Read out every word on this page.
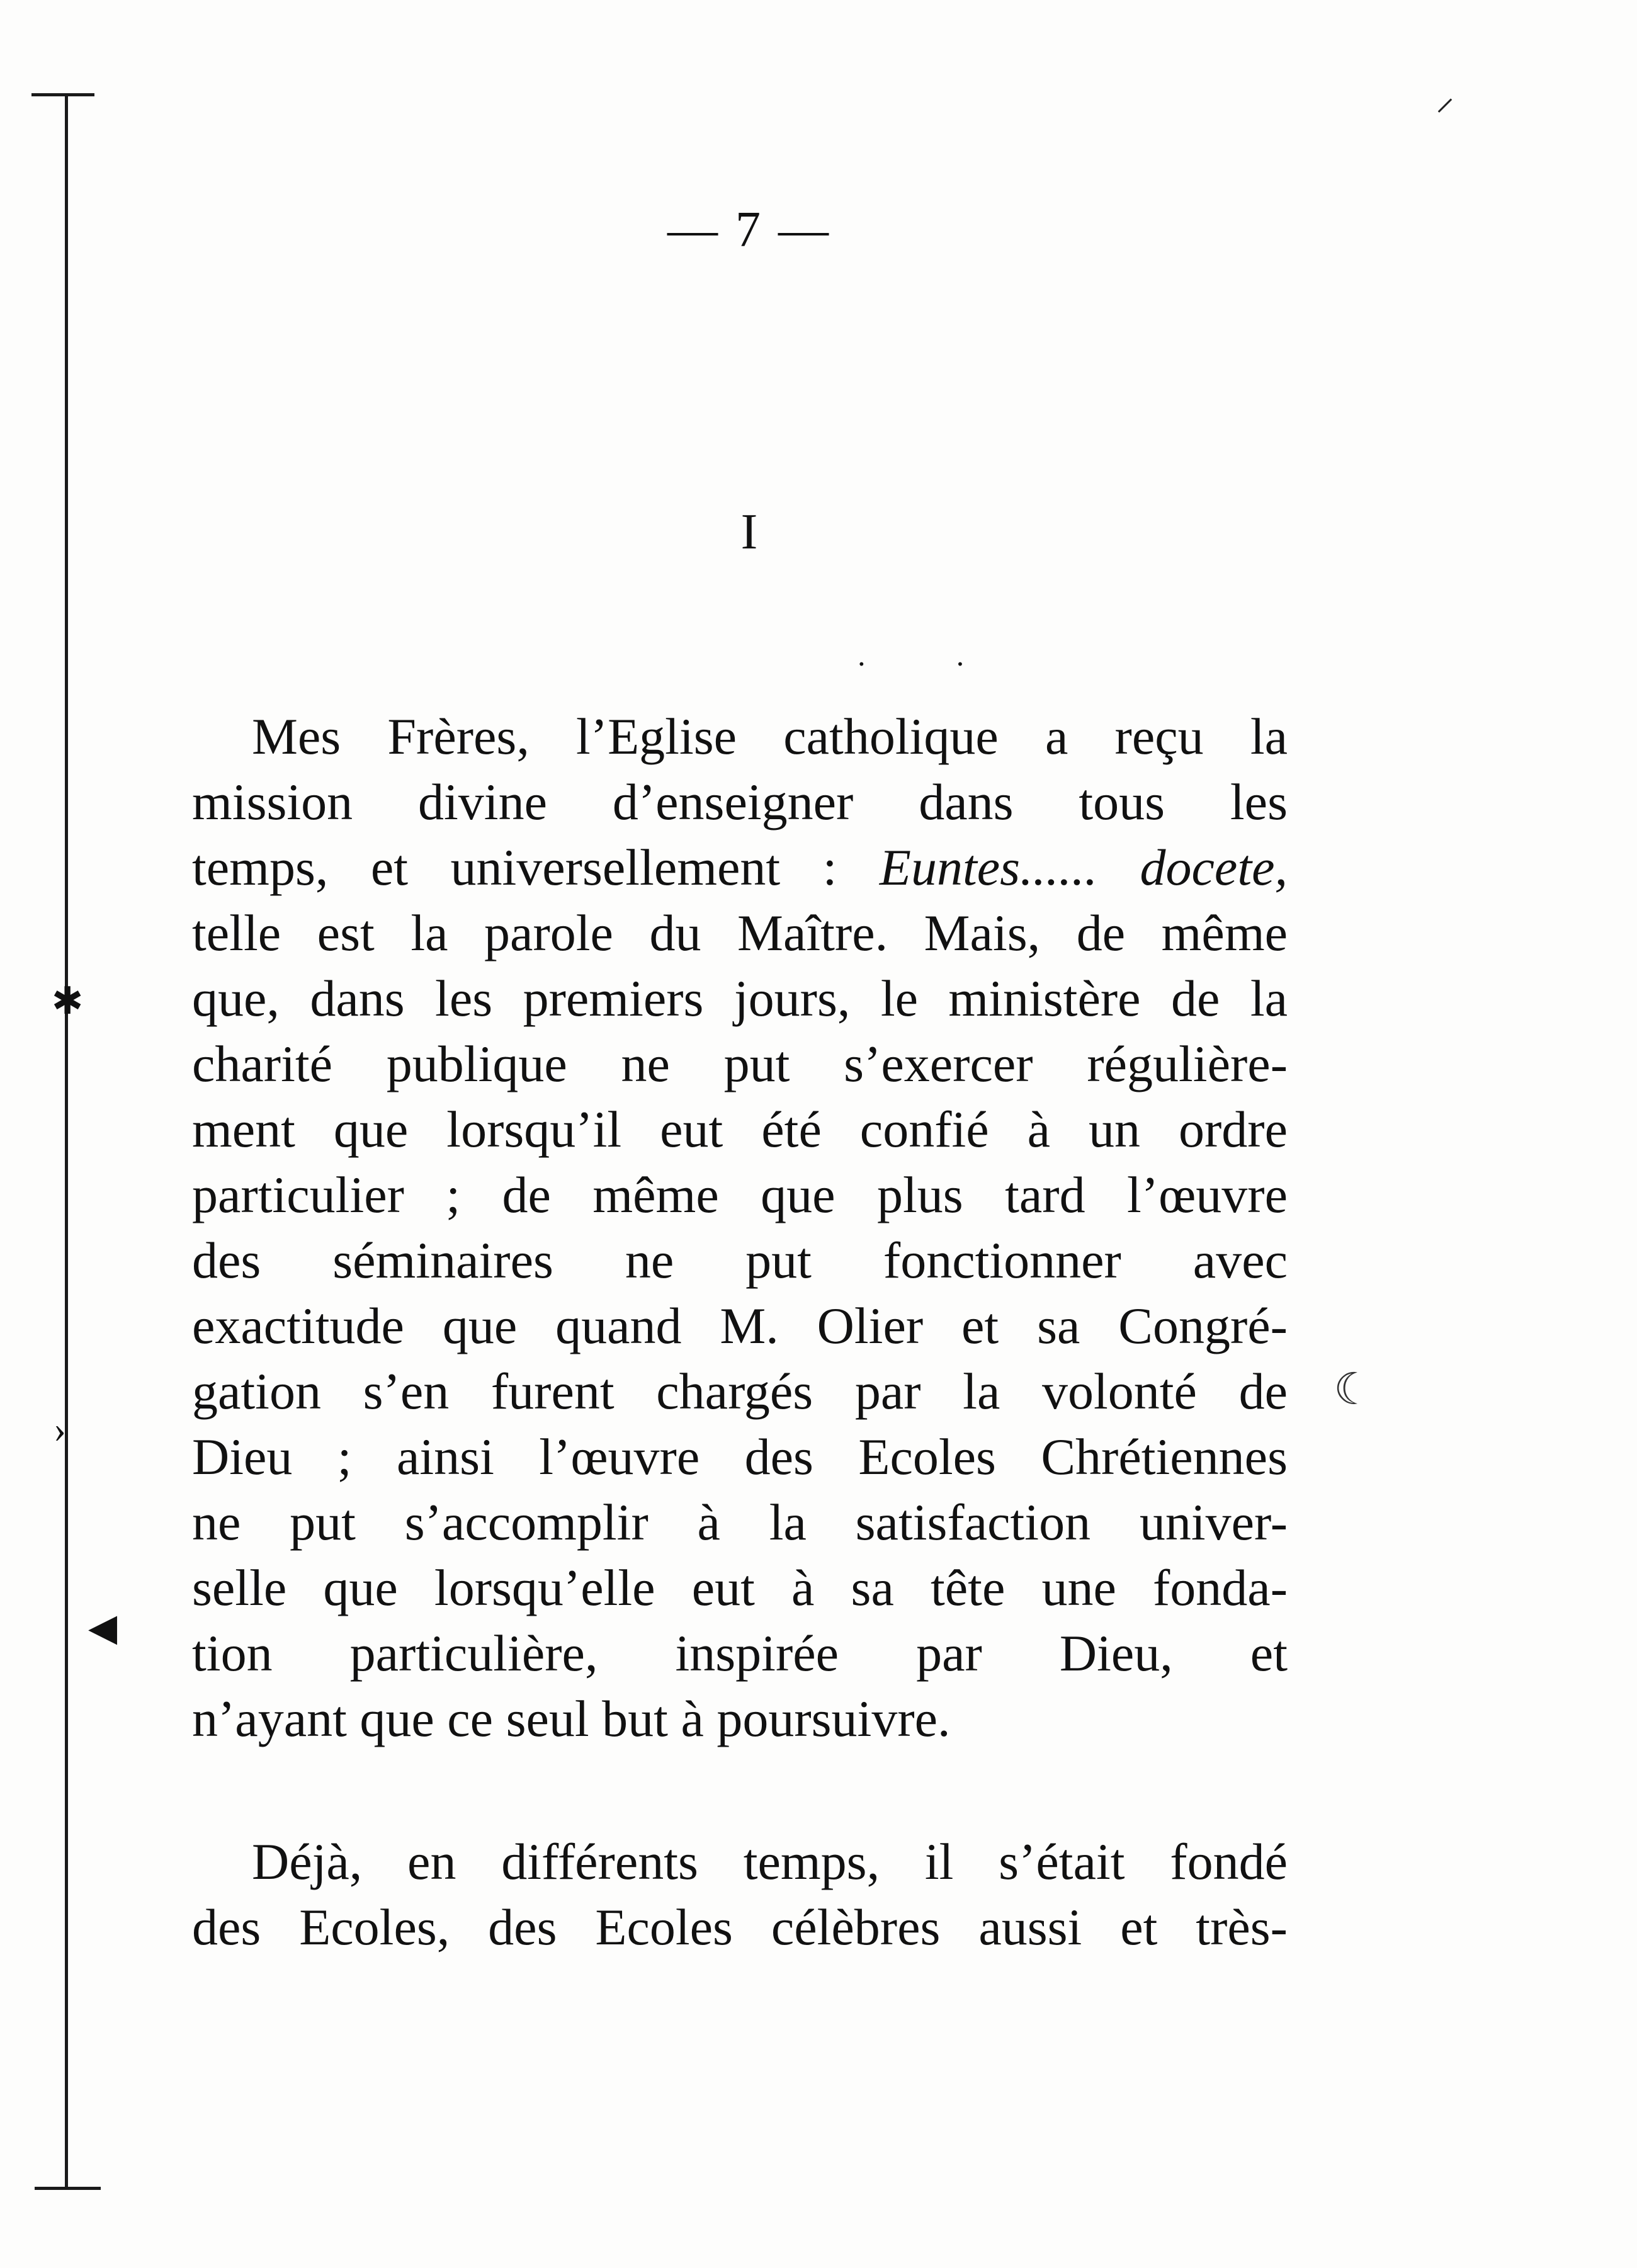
✱
›
◀
⸝
☾
— 7 —
I
··
Mes Frères, l’Eglise catholique a reçu la
mission divine d’enseigner dans tous les
temps, et universellement : Euntes...... docete,
telle est la parole du Maître. Mais, de même
que, dans les premiers jours, le ministère de la
charité publique ne put s’exercer régulière-
ment que lorsqu’il eut été confié à un ordre
particulier ; de même que plus tard l’œuvre
des séminaires ne put fonctionner avec
exactitude que quand M. Olier et sa Congré-
gation s’en furent chargés par la volonté de
Dieu ; ainsi l’œuvre des Ecoles Chrétiennes
ne put s’accomplir à la satisfaction univer-
selle que lorsqu’elle eut à sa tête une fonda-
tion particulière, inspirée par Dieu, et
n’ayant que ce seul but à poursuivre.
Déjà, en différents temps, il s’était fondé
des Ecoles, des Ecoles célèbres aussi et très-
